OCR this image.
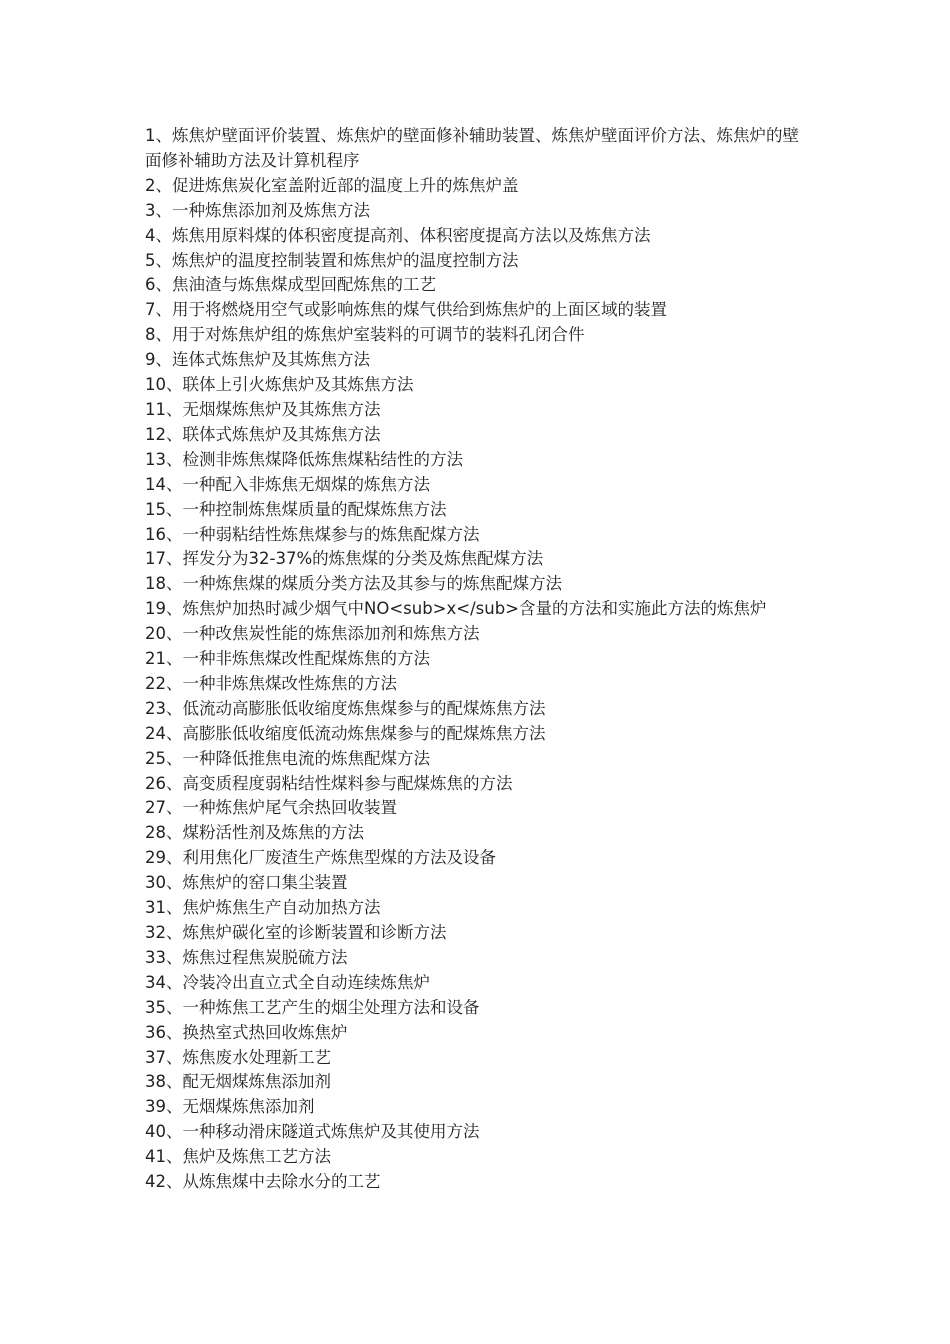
1、炼焦炉壁面评价装置、炼焦炉的壁面修补辅助装置、炼焦炉壁面评价方法、炼焦炉的壁面修补辅助方法及计算机程序
2、促进炼焦炭化室盖附近部的温度上升的炼焦炉盖
3、一种炼焦添加剂及炼焦方法
4、炼焦用原料煤的体积密度提高剂、体积密度提高方法以及炼焦方法
5、炼焦炉的温度控制装置和炼焦炉的温度控制方法
6、焦油渣与炼焦煤成型回配炼焦的工艺
7、用于将燃烧用空气或影响炼焦的煤气供给到炼焦炉的上面区域的装置
8、用于对炼焦炉组的炼焦炉室装料的可调节的装料孔闭合件
9、连体式炼焦炉及其炼焦方法
10、联体上引火炼焦炉及其炼焦方法
11、无烟煤炼焦炉及其炼焦方法
12、联体式炼焦炉及其炼焦方法
13、检测非炼焦煤降低炼焦煤粘结性的方法
14、一种配入非炼焦无烟煤的炼焦方法
15、一种控制炼焦煤质量的配煤炼焦方法
16、一种弱粘结性炼焦煤参与的炼焦配煤方法
17、挥发分为32-37%的炼焦煤的分类及炼焦配煤方法
18、一种炼焦煤的煤质分类方法及其参与的炼焦配煤方法
19、炼焦炉加热时减少烟气中NO<sub>x</sub>含量的方法和实施此方法的炼焦炉
20、一种改焦炭性能的炼焦添加剂和炼焦方法
21、一种非炼焦煤改性配煤炼焦的方法
22、一种非炼焦煤改性炼焦的方法
23、低流动高膨胀低收缩度炼焦煤参与的配煤炼焦方法
24、高膨胀低收缩度低流动炼焦煤参与的配煤炼焦方法
25、一种降低推焦电流的炼焦配煤方法
26、高变质程度弱粘结性煤料参与配煤炼焦的方法
27、一种炼焦炉尾气余热回收装置
28、煤粉活性剂及炼焦的方法
29、利用焦化厂废渣生产炼焦型煤的方法及设备
30、炼焦炉的窑口集尘装置
31、焦炉炼焦生产自动加热方法
32、炼焦炉碳化室的诊断装置和诊断方法
33、炼焦过程焦炭脱硫方法
34、冷装冷出直立式全自动连续炼焦炉
35、一种炼焦工艺产生的烟尘处理方法和设备
36、换热室式热回收炼焦炉
37、炼焦废水处理新工艺
38、配无烟煤炼焦添加剂
39、无烟煤炼焦添加剂
40、一种移动滑床隧道式炼焦炉及其使用方法
41、焦炉及炼焦工艺方法
42、从炼焦煤中去除水分的工艺
